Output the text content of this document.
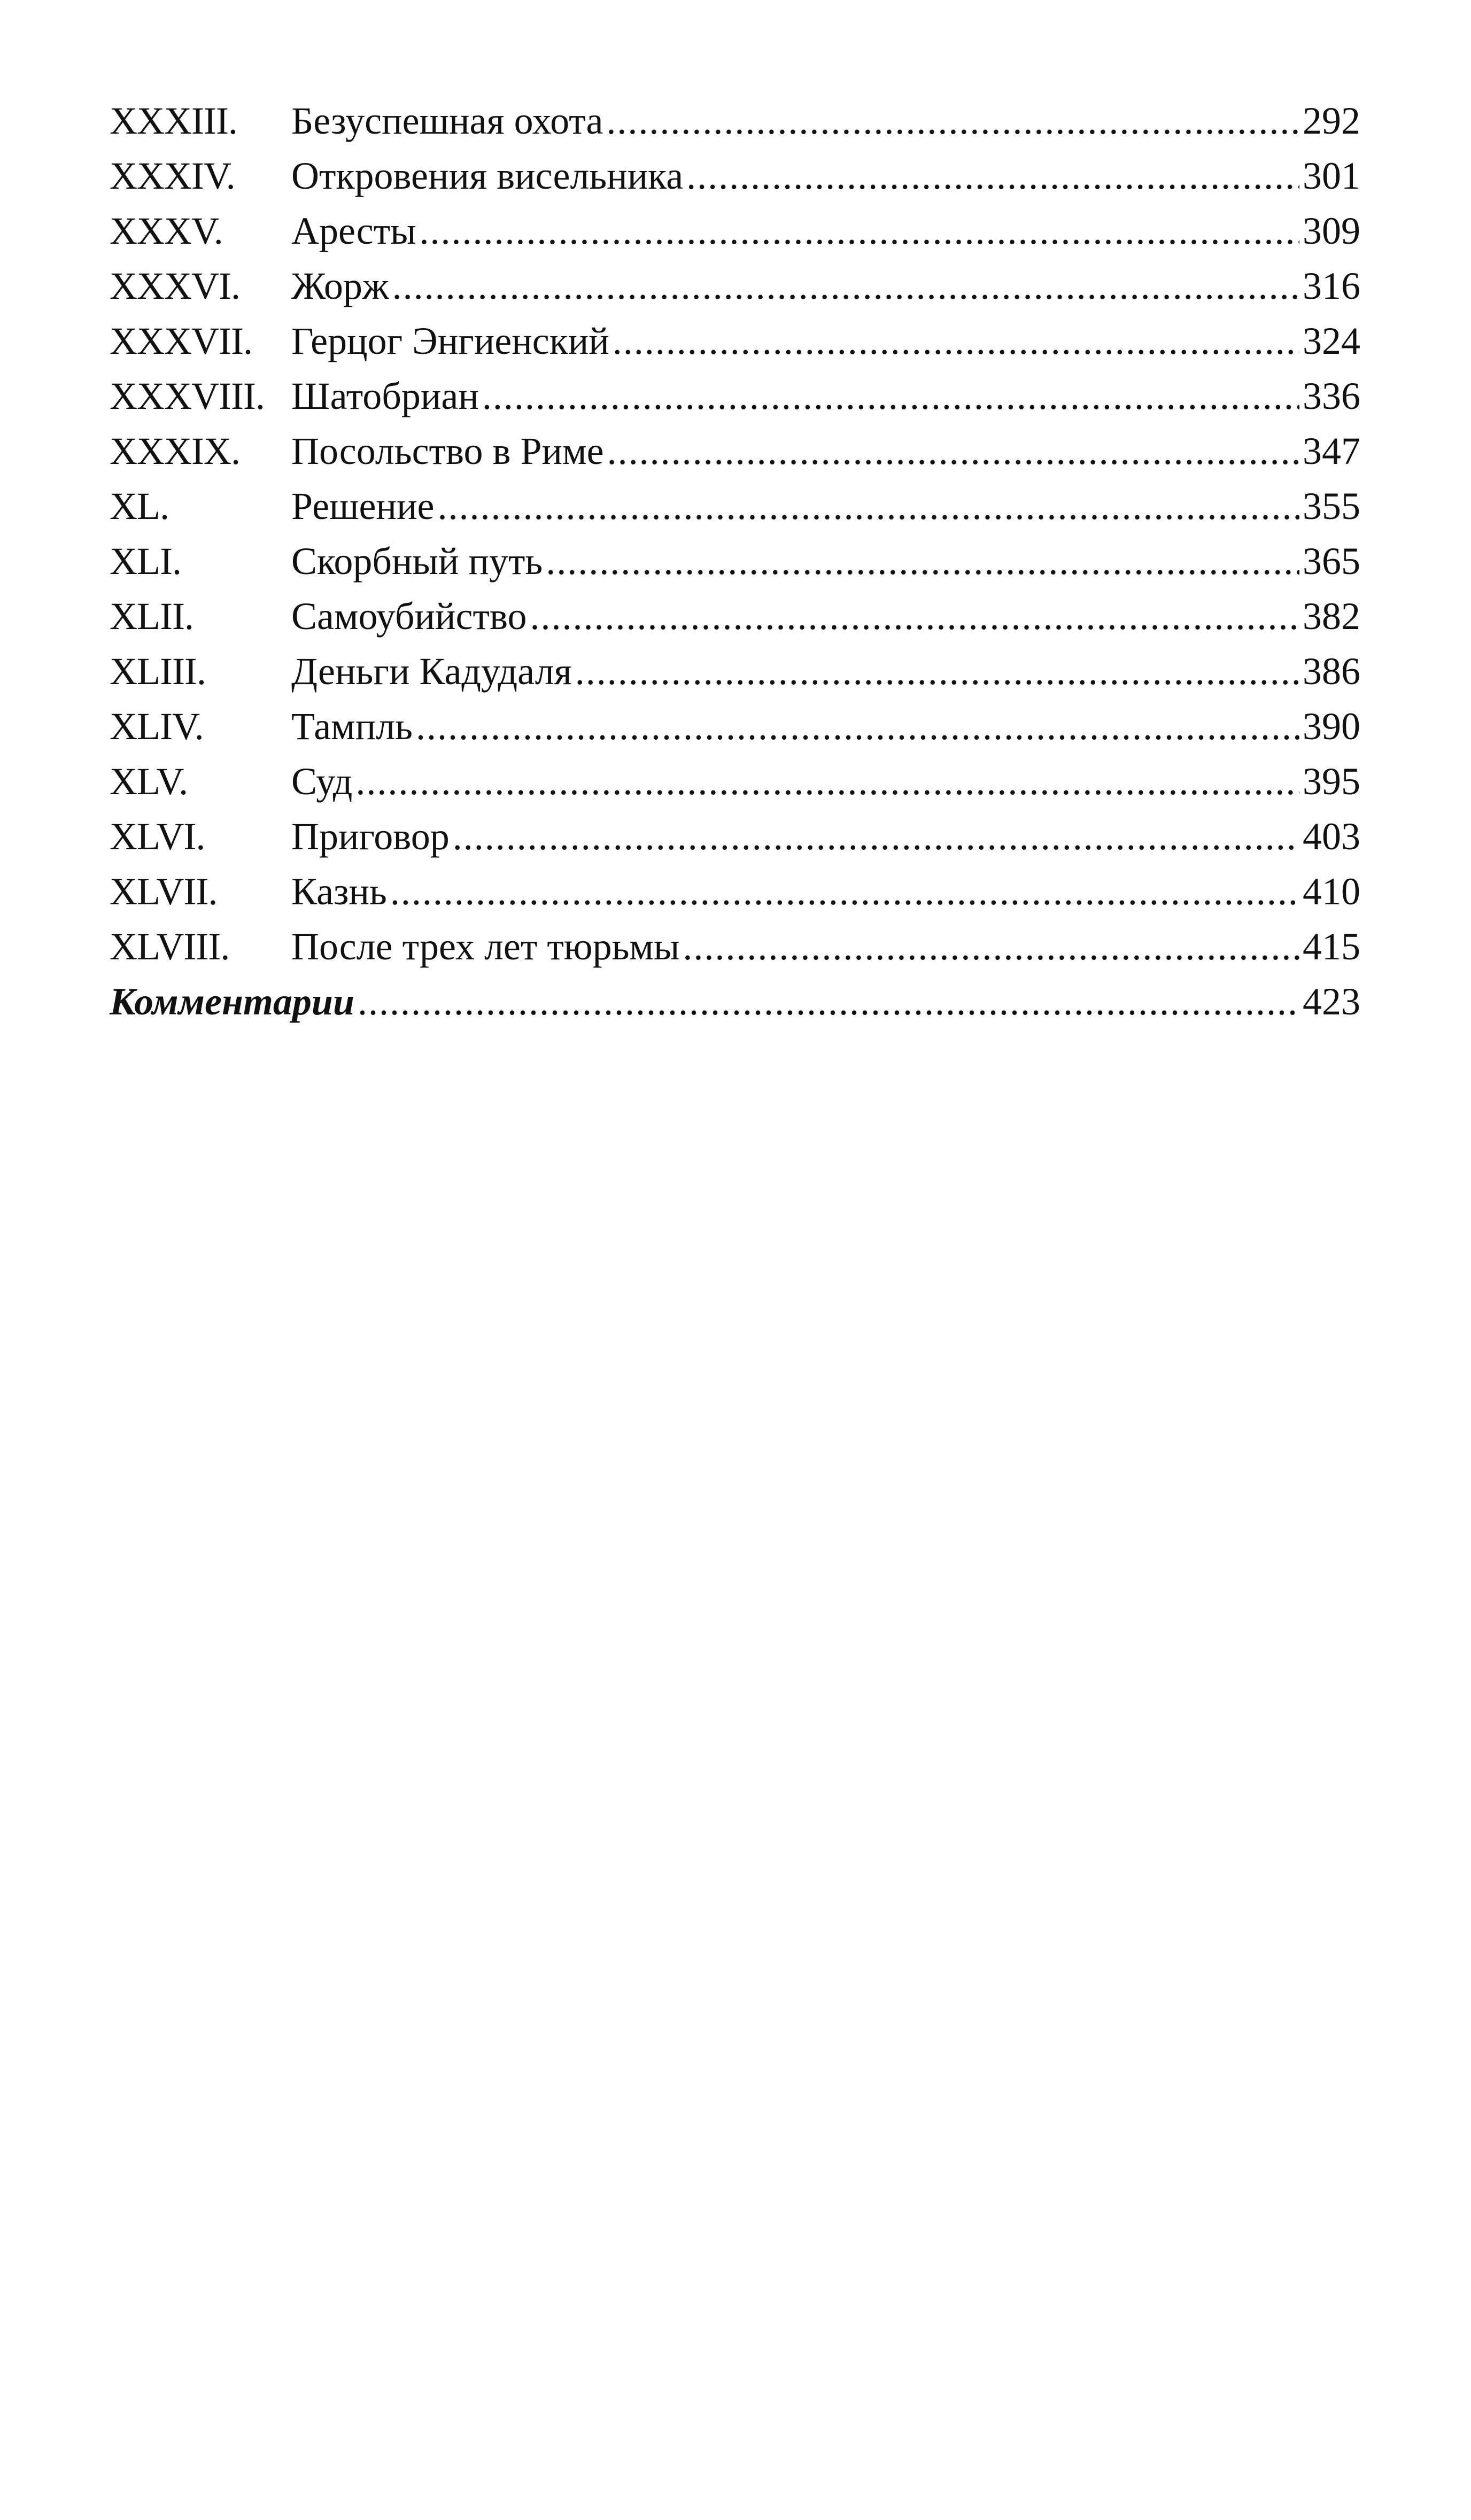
XXXIII.	Безуспешная охота .....	292
XXXIV.	Откровения висельника .....	301
XXXV.	Аресты .....	309
XXXVI.	Жорж .....	316
XXXVII.	Герцог Энгиенский .....	324
XXXVIII. Шатобриан .....	336
XXXIX.	Посольство в Риме .....	347
XL.	Решение .....	355
XLI.	Скорбный путь .....	365
XLII.	Самоубийство .....	382
XLIII.	Деньги Кадудаля .....	386
XLIV.	Тампль .....	390
XLV.	Суд .....	395
XLVI.	Приговор .....	403
XLVII.	Казнь .....	410
XLVIII.	После трех лет тюрьмы .....	415
Комментарии .....	423
